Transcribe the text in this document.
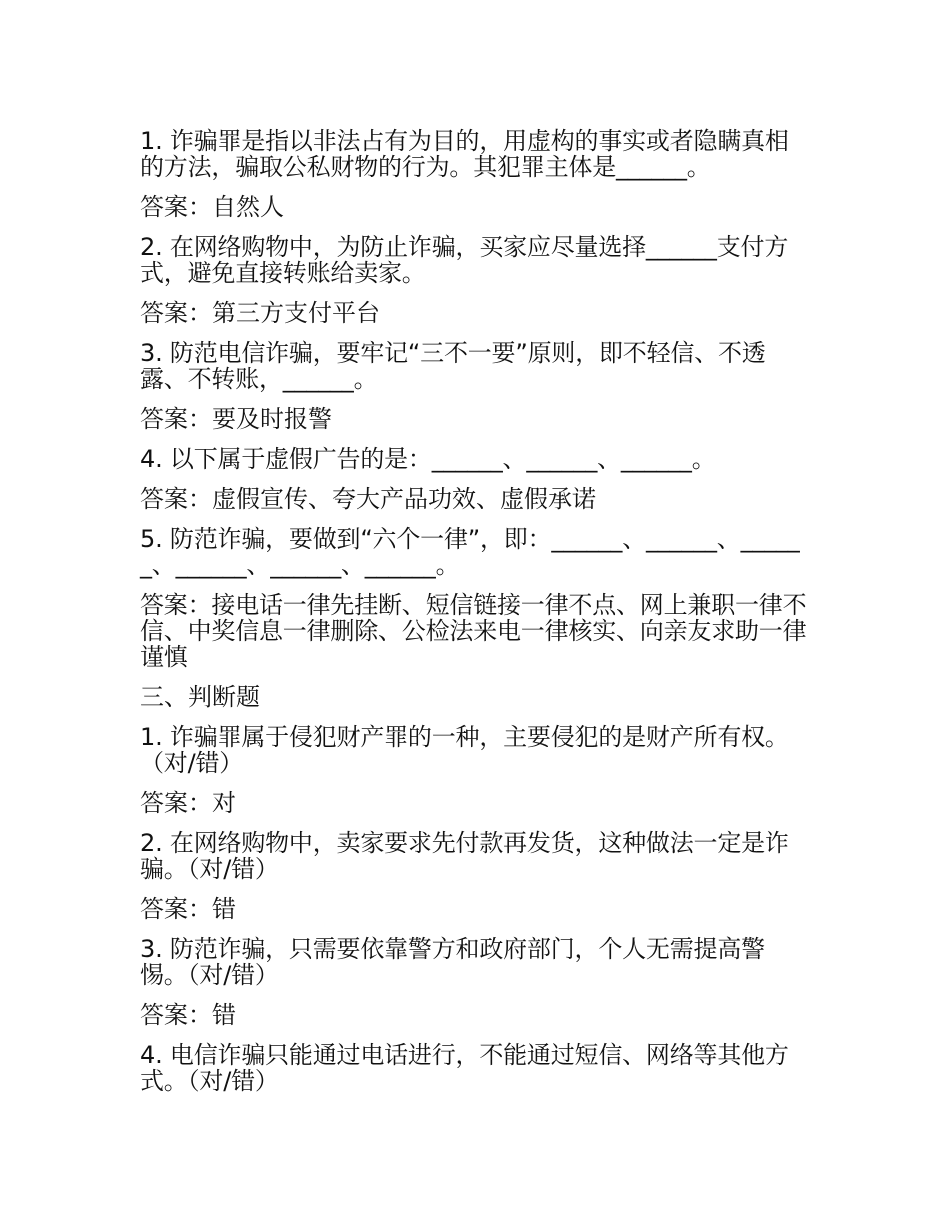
1. 诈骗罪是指以非法占有为目的，用虚构的事实或者隐瞒真相的方法，骗取公私财物的行为。其犯罪主体是______。

答案：自然人

2. 在网络购物中，为防止诈骗，买家应尽量选择______支付方式，避免直接转账给卖家。

答案：第三方支付平台

3. 防范电信诈骗，要牢记“三不一要”原则，即不轻信、不透露、不转账，______。

答案：要及时报警

4. 以下属于虚假广告的是：______、______、______。

答案：虚假宣传、夸大产品功效、虚假承诺

5. 防范诈骗，要做到“六个一律”，即：______、______、______、______、______、______。

答案：接电话一律先挂断、短信链接一律不点、网上兼职一律不信、中奖信息一律删除、公检法来电一律核实、向亲友求助一律谨慎

三、判断题

1. 诈骗罪属于侵犯财产罪的一种，主要侵犯的是财产所有权。（对/错）

答案：对

2. 在网络购物中，卖家要求先付款再发货，这种做法一定是诈骗。（对/错）

答案：错

3. 防范诈骗，只需要依靠警方和政府部门，个人无需提高警惕。（对/错）

答案：错

4. 电信诈骗只能通过电话进行，不能通过短信、网络等其他方式。（对/错）
